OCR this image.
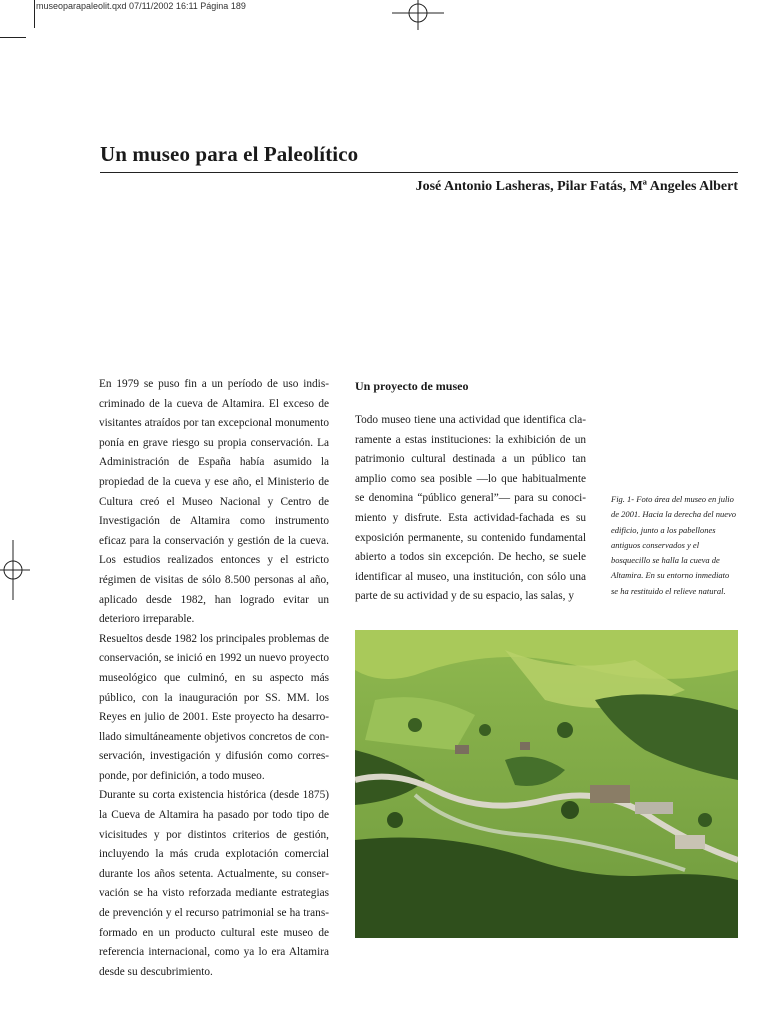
museoparapaleolit.qxd 07/11/2002 16:11 Página 189
Un museo para el Paleolítico
José Antonio Lasheras, Pilar Fatás, Mª Angeles Albert

En 1979 se puso fin a un período de uso indiscriminado de la cueva de Altamira. El exceso de visitantes atraídos por tan excepcional monumento ponía en grave riesgo su propia conservación. La Administración de España había asumido la propiedad de la cueva y ese año, el Ministerio de Cultura creó el Museo Nacional y Centro de Investigación de Altamira como instrumento eficaz para la conservación y gestión de la cueva. Los estudios realizados entonces y el estricto régimen de visitas de sólo 8.500 personas al año, aplicado desde 1982, han logrado evitar un deterioro irreparable.

Resueltos desde 1982 los principales problemas de conservación, se inició en 1992 un nuevo proyecto museológico que culminó, en su aspecto más público, con la inauguración por SS. MM. los Reyes en julio de 2001. Este proyecto ha desarrollado simultáneamente objetivos concretos de conservación, investigación y difusión como corresponde, por definición, a todo museo.

Durante su corta existencia histórica (desde 1875) la Cueva de Altamira ha pasado por todo tipo de vicisitudes y por distintos criterios de gestión, incluyendo la más cruda explotación comercial durante los años setenta. Actualmente, su conservación se ha visto reforzada mediante estrategias de prevención y el recurso patrimonial se ha transformado en un producto cultural este museo de referencia internacional, como ya lo era Altamira desde su descubrimiento.

Un proyecto de museo

Todo museo tiene una actividad que identifica claramente a estas instituciones: la exhibición de un patrimonio cultural destinada a un público tan amplio como sea posible —lo que habitualmente se denomina “público general”— para su conocimiento y disfrute. Esta actividad-fachada es su exposición permanente, su contenido fundamental abierto a todos sin excepción. De hecho, se suele identificar al museo, una institución, con sólo una parte de su actividad y de su espacio, las salas, y

Fig. 1- Foto área del museo en julio de 2001. Hacia la derecha del nuevo edificio, junto a los pabellones antiguos conservados y el bosquecillo se halla la cueva de Altamira. En su entorno inmediato se ha restituido el relieve natural.
